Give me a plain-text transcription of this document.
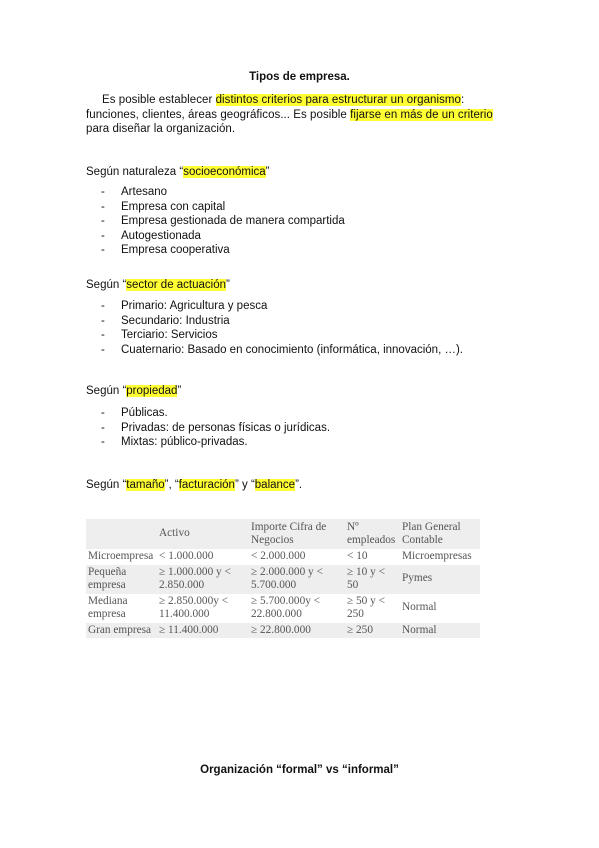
Tipos de empresa.
Es posible establecer distintos criterios para estructurar un organismo: funciones, clientes, áreas geográficos... Es posible fijarse en más de un criterio para diseñar la organización.
Según naturaleza “socioeconómica”
- Artesano
- Empresa con capital
- Empresa gestionada de manera compartida
- Autogestionada
- Empresa cooperativa
Según “sector de actuación”
- Primario: Agricultura y pesca
- Secundario: Industria
- Terciario: Servicios
- Cuaternario: Basado en conocimiento (informática, innovación, …).
Según “propiedad”
- Públicas.
- Privadas: de personas físicas o jurídicas.
- Mixtas: público-privadas.
Según “tamaño”, “facturación” y “balance”.
	Activo	Importe Cifra de Negocios	Nº empleados	Plan General Contable
Microempresa	< 1.000.000	< 2.000.000	< 10	Microempresas
Pequeña empresa	≥ 1.000.000 y < 2.850.000	≥ 2.000.000 y < 5.700.000	≥ 10 y < 50	Pymes
Mediana empresa	≥ 2.850.000y < 11.400.000	≥ 5.700.000y < 22.800.000	≥ 50 y < 250	Normal
Gran empresa	≥ 11.400.000	≥ 22.800.000	≥ 250	Normal
Organización “formal” vs “informal”
